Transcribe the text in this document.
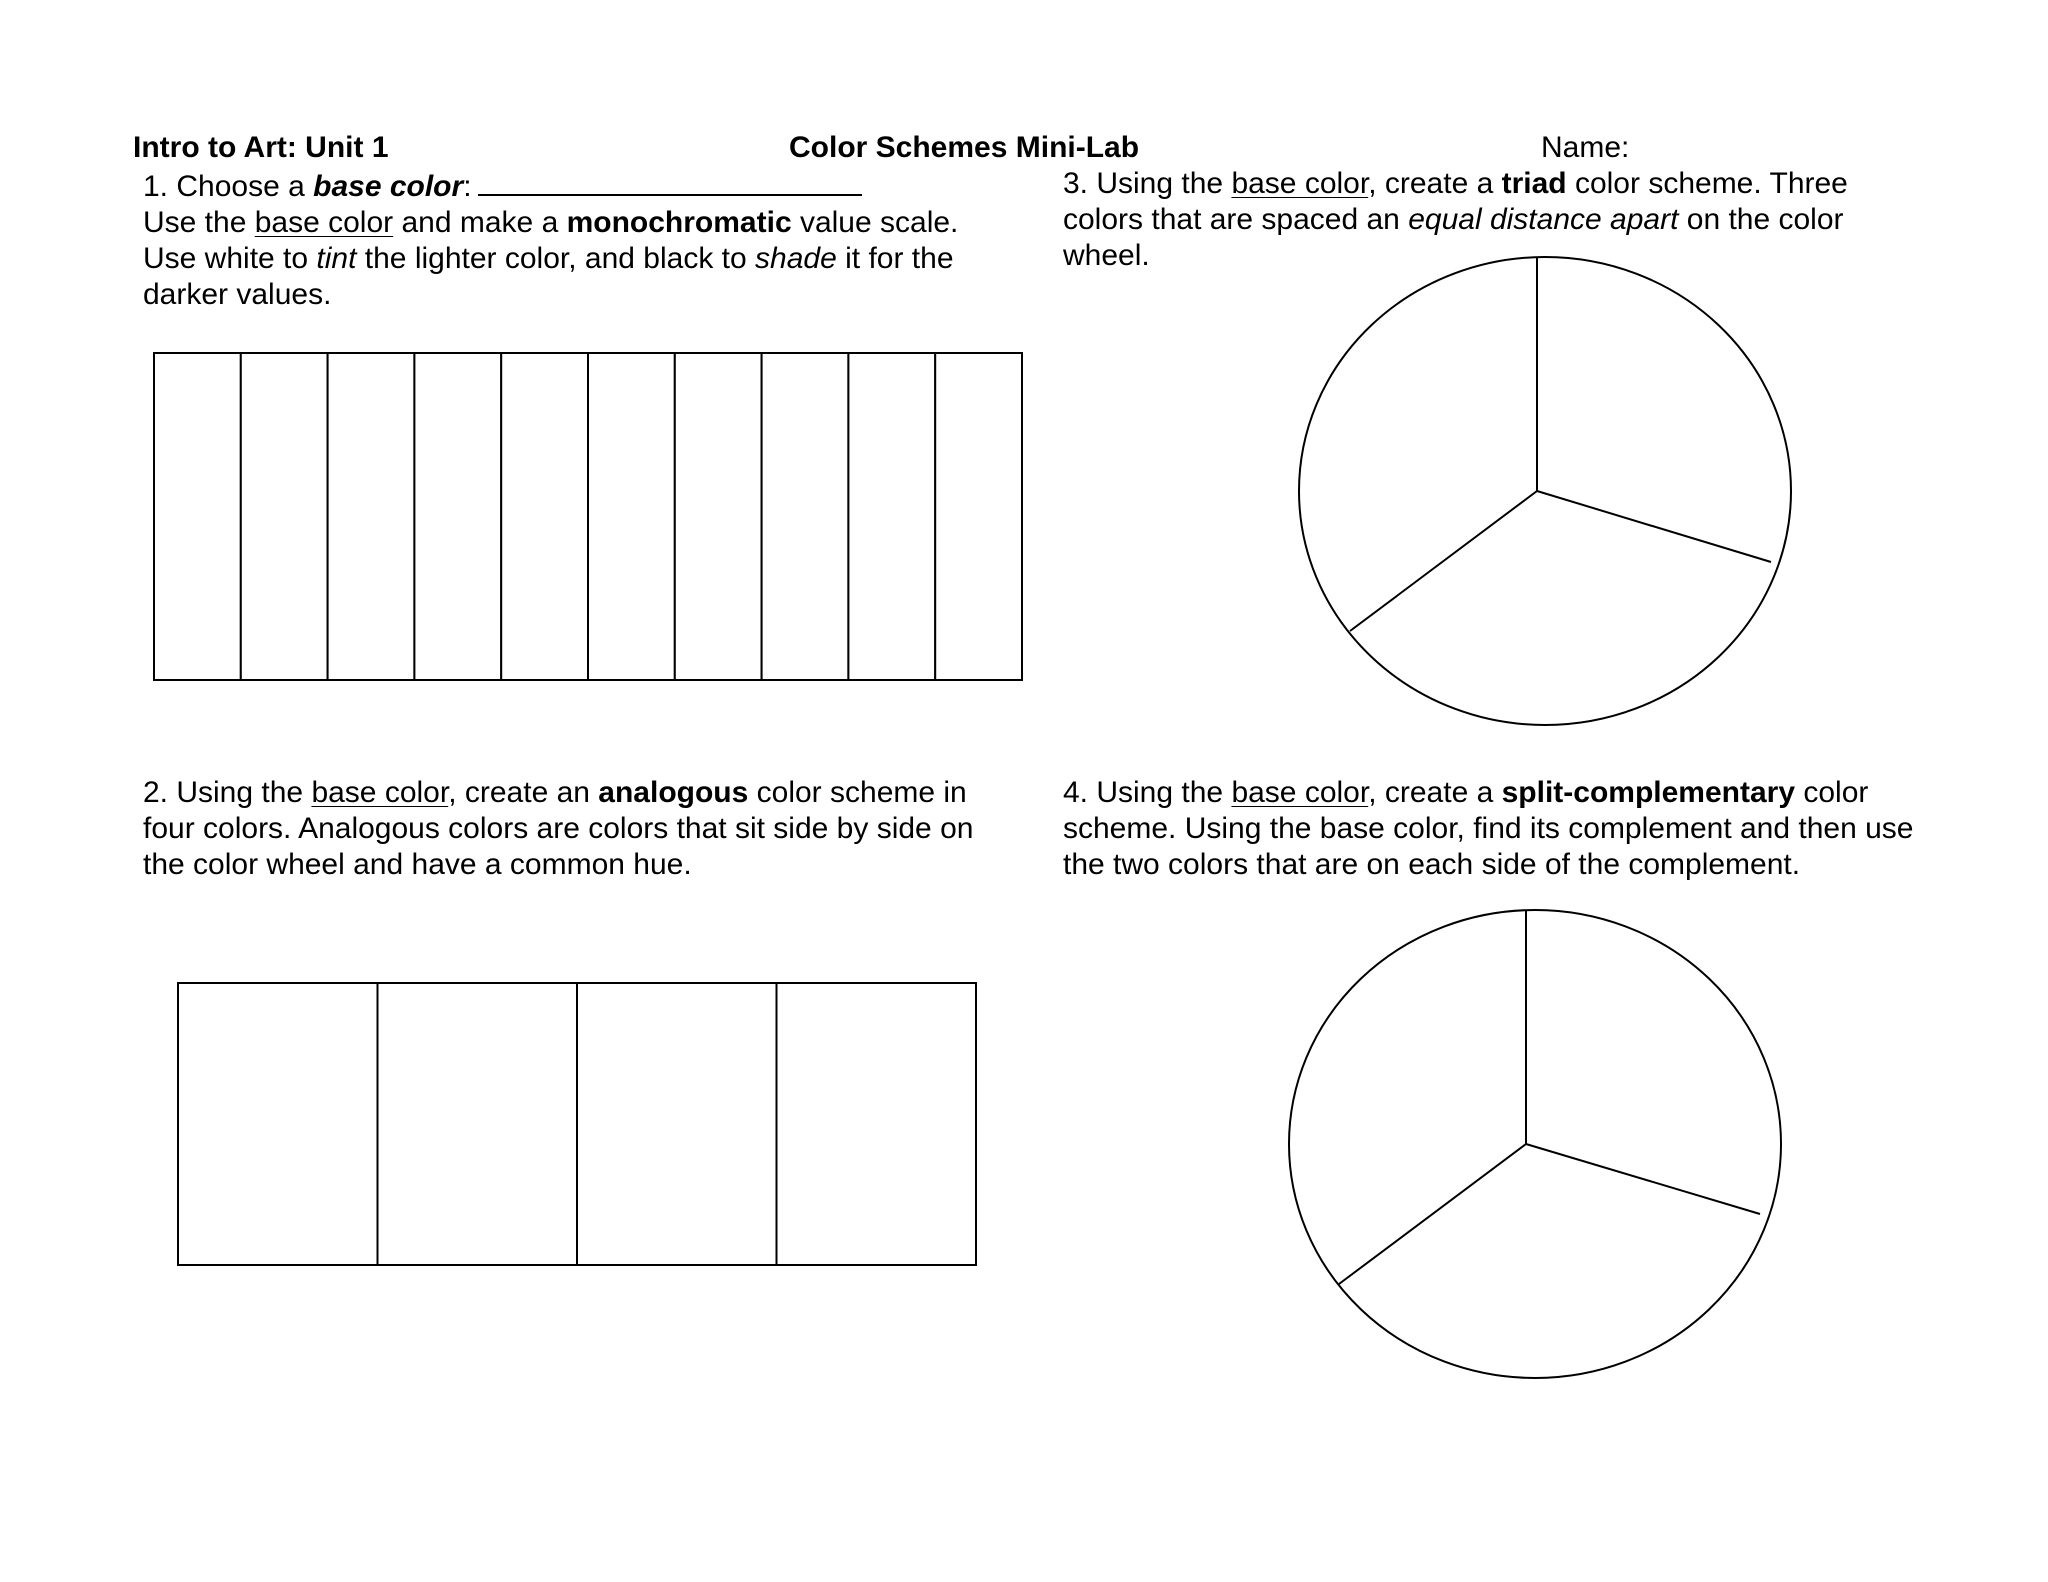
Intro to Art: Unit 1	Color Schemes Mini-Lab	Name:
1. Choose a base color:
Use the base color and make a monochromatic value scale.
Use white to tint the lighter color, and black to shade it for the
darker values.
3. Using the base color, create a triad color scheme. Three
colors that are spaced an equal distance apart on the color
wheel.
2. Using the base color, create an analogous color scheme in
four colors. Analogous colors are colors that sit side by side on
the color wheel and have a common hue.
4. Using the base color, create a split-complementary color
scheme. Using the base color, find its complement and then use
the two colors that are on each side of the complement.
